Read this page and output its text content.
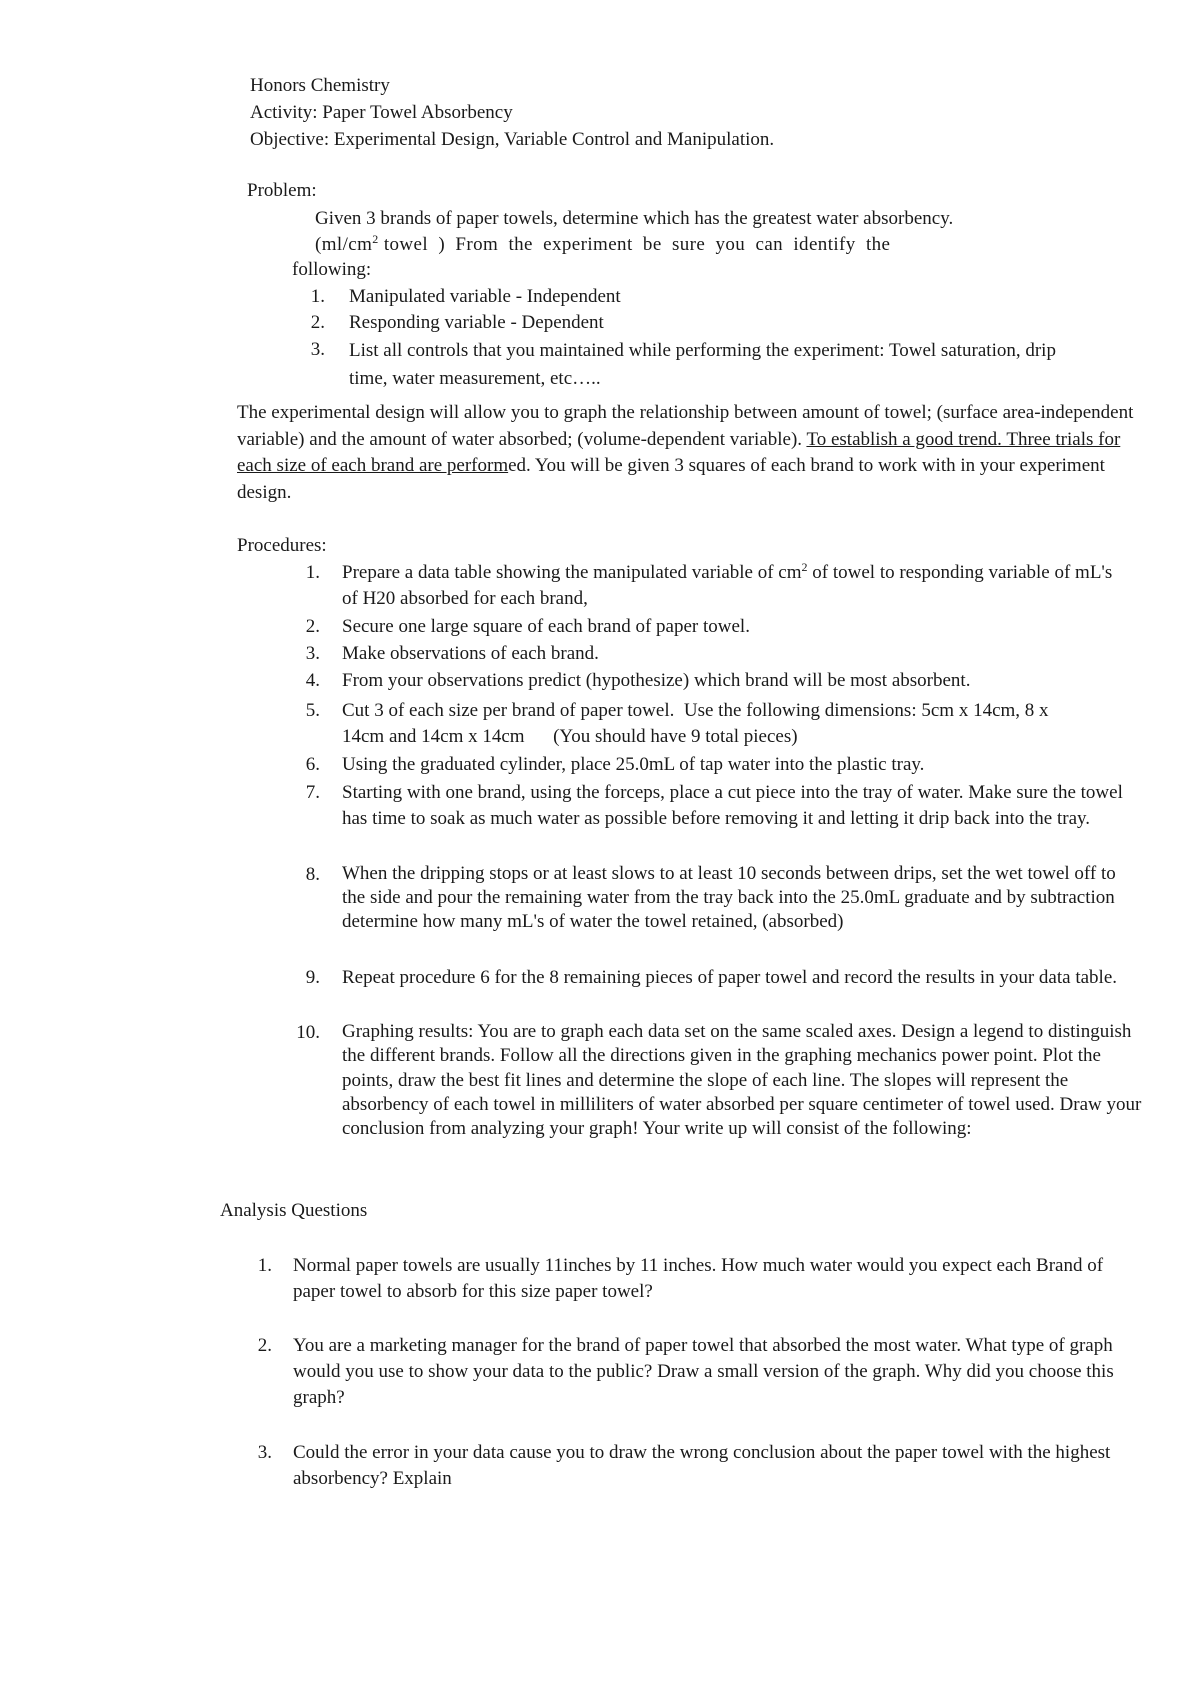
Honors Chemistry
Activity: Paper Towel Absorbency
Objective: Experimental Design, Variable Control and Manipulation.
Problem:
Given 3 brands of paper towels, determine which has the greatest water absorbency.
($ml/cm^2$ towel  )  From  the  experiment  be  sure  you  can  identify  the
following:
1. Manipulated variable - Independent
2. Responding variable - Dependent
3. List all controls that you maintained while performing the experiment: Towel saturation, drip time, water measurement, etc…..
The experimental design will allow you to graph the relationship between amount of towel; (surface area-independent variable) and the amount of water absorbed; (volume-dependent variable). To establish a good trend. Three trials for each size of each brand are performed. You will be given 3 squares of each brand to work with in your experiment design.
Procedures:
1. Prepare a data table showing the manipulated variable of $cm^2$ of towel to responding variable of mL's of H20 absorbed for each brand,
2. Secure one large square of each brand of paper towel.
3. Make observations of each brand.
4. From your observations predict (hypothesize) which brand will be most absorbent.
5. Cut 3 of each size per brand of paper towel.  Use the following dimensions: 5cm x 14cm, 8 x 14cm and 14cm x 14cm      (You should have 9 total pieces)
6. Using the graduated cylinder, place 25.0mL of tap water into the plastic tray.
7. Starting with one brand, using the forceps, place a cut piece into the tray of water. Make sure the towel has time to soak as much water as possible before removing it and letting it drip back into the tray.
8. When the dripping stops or at least slows to at least 10 seconds between drips, set the wet towel off to the side and pour the remaining water from the tray back into the 25.0mL graduate and by subtraction determine how many mL's of water the towel retained, (absorbed)
9. Repeat procedure 6 for the 8 remaining pieces of paper towel and record the results in your data table.
10. Graphing results: You are to graph each data set on the same scaled axes. Design a legend to distinguish the different brands. Follow all the directions given in the graphing mechanics power point. Plot the points, draw the best fit lines and determine the slope of each line. The slopes will represent the absorbency of each towel in milliliters of water absorbed per square centimeter of towel used. Draw your conclusion from analyzing your graph! Your write up will consist of the following:
Analysis Questions
1. Normal paper towels are usually 11inches by 11 inches. How much water would you expect each Brand of paper towel to absorb for this size paper towel?
2. You are a marketing manager for the brand of paper towel that absorbed the most water. What type of graph would you use to show your data to the public? Draw a small version of the graph. Why did you choose this graph?
3. Could the error in your data cause you to draw the wrong conclusion about the paper towel with the highest absorbency? Explain
